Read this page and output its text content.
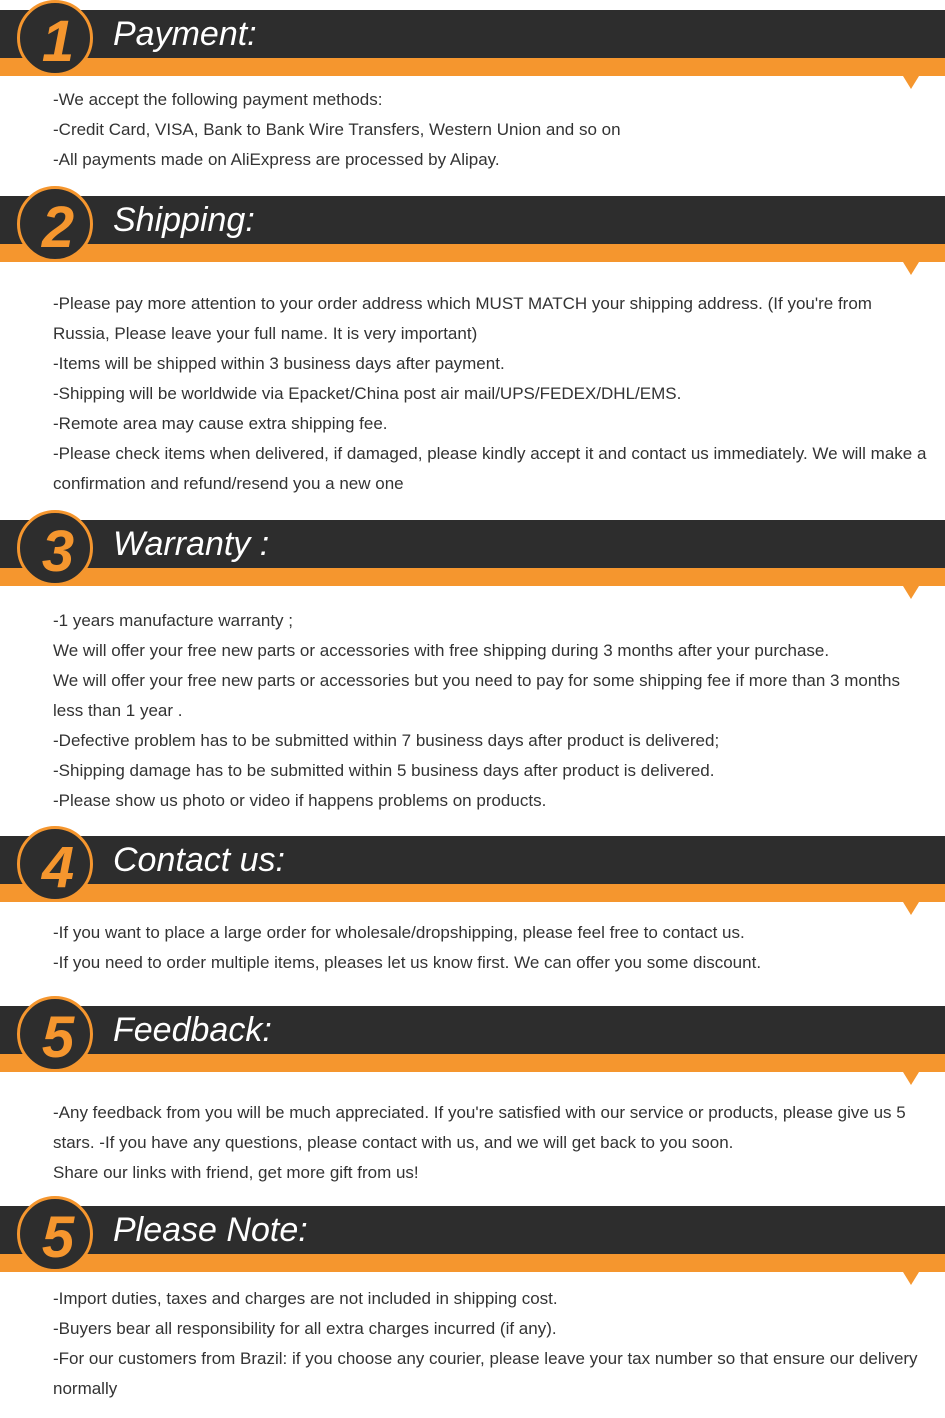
1	Payment:

-We accept the following payment methods:

-Credit Card, VISA, Bank to Bank Wire Transfers, Western Union and so on

-All payments made on AliExpress are processed by Alipay.

2	Shipping:

-Please pay more attention to your order address which MUST MATCH your shipping address. (If you're from Russia, Please leave your full name. It is very important)

-Items will be shipped within 3 business days after payment.

-Shipping will be worldwide via Epacket/China post air mail/UPS/FEDEX/DHL/EMS.

-Remote area may cause extra shipping fee.

-Please check items when delivered, if damaged, please kindly accept it and contact us immediately. We will make a confirmation and refund/resend you a new one

3	Warranty :

-1 years manufacture warranty ;

We will offer your free new parts or accessories with free shipping during 3 months after your purchase.

We will offer your free new parts or accessories but you need to pay for some shipping fee if more than 3 months less than 1 year .

-Defective problem has to be submitted within 7 business days after product is delivered;

-Shipping damage has to be submitted within 5 business days after product is delivered.

-Please show us photo or video if happens problems on products.

4	Contact us:

-If you want to place a large order for wholesale/dropshipping, please feel free to contact us.

-If you need to order multiple items, pleases let us know first. We can offer you some discount.

5	Feedback:

-Any feedback from you will be much appreciated. If you're satisfied with our service or products, please give us 5 stars. -If you have any questions, please contact with us, and we will get back to you soon.

Share our links with friend, get more gift from us!

5	Please Note:

-Import duties, taxes and charges are not included in shipping cost.

-Buyers bear all responsibility for all extra charges incurred (if any).

-For our customers from Brazil: if you choose any courier, please leave your tax number so that ensure our delivery normally
